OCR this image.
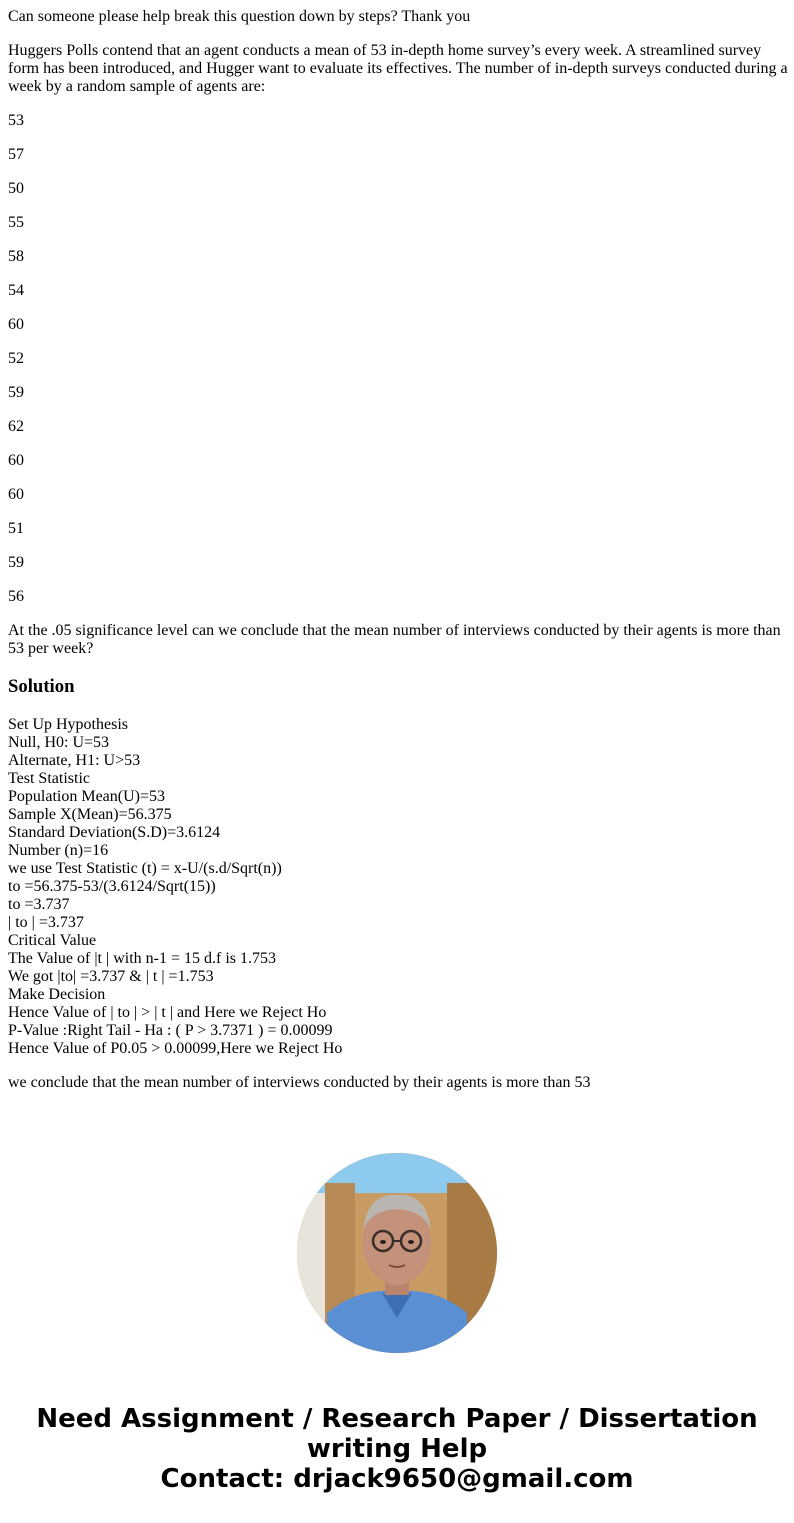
Can someone please help break this question down by steps? Thank you

Huggers Polls contend that an agent conducts a mean of 53 in-depth home survey’s every week. A streamlined survey form has been introduced, and Hugger want to evaluate its effectives. The number of in-depth surveys conducted during a week by a random sample of agents are:

53

57

50

55

58

54

60

52

59

62

60

60

51

59

56

At the .05 significance level can we conclude that the mean number of interviews conducted by their agents is more than 53 per week?

Solution
Set Up Hypothesis
Null, H0: U=53
Alternate, H1: U>53
Test Statistic
Population Mean(U)=53
Sample X(Mean)=56.375
Standard Deviation(S.D)=3.6124
Number (n)=16
we use Test Statistic (t) = x-U/(s.d/Sqrt(n))
to =56.375-53/(3.6124/Sqrt(15))
to =3.737
| to | =3.737
Critical Value
The Value of |t | with n-1 = 15 d.f is 1.753
We got |to| =3.737 & | t | =1.753
Make Decision
Hence Value of | to | > | t | and Here we Reject Ho
P-Value :Right Tail - Ha : ( P > 3.7371 ) = 0.00099
Hence Value of P0.05 > 0.00099,Here we Reject Ho

we conclude that the mean number of interviews conducted by their agents is more than 53

Need Assignment / Research Paper / Dissertation
writing Help
Contact: drjack9650@gmail.com
